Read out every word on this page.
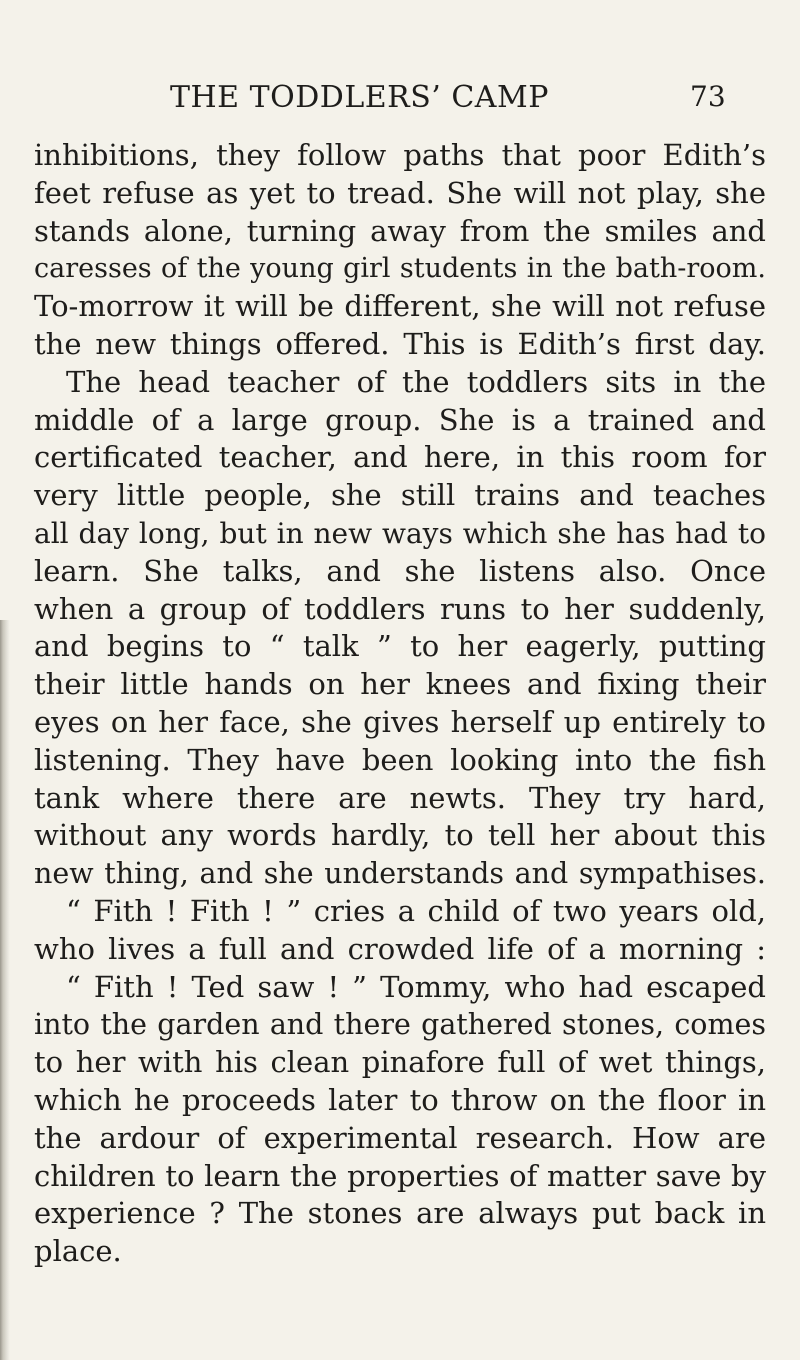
THE TODDLERS’ CAMP	73
inhibitions, they follow paths that poor Edith’s
feet refuse as yet to tread. She will not play, she
stands alone, turning away from the smiles and
caresses of the young girl students in the bath-room.
To-morrow it will be different, she will not refuse
the new things offered. This is Edith’s first day.
The head teacher of the toddlers sits in the
middle of a large group. She is a trained and
certificated teacher, and here, in this room for
very little people, she still trains and teaches
all day long, but in new ways which she has had to
learn. She talks, and she listens also. Once
when a group of toddlers runs to her suddenly,
and begins to “ talk ” to her eagerly, putting
their little hands on her knees and fixing their
eyes on her face, she gives herself up entirely to
listening. They have been looking into the fish
tank where there are newts. They try hard,
without any words hardly, to tell her about this
new thing, and she understands and sympathises.
“ Fith ! Fith ! ” cries a child of two years old,
who lives a full and crowded life of a morning :
“ Fith ! Ted saw ! ” Tommy, who had escaped
into the garden and there gathered stones, comes
to her with his clean pinafore full of wet things,
which he proceeds later to throw on the floor in
the ardour of experimental research. How are
children to learn the properties of matter save by
experience ? The stones are always put back in
place.
